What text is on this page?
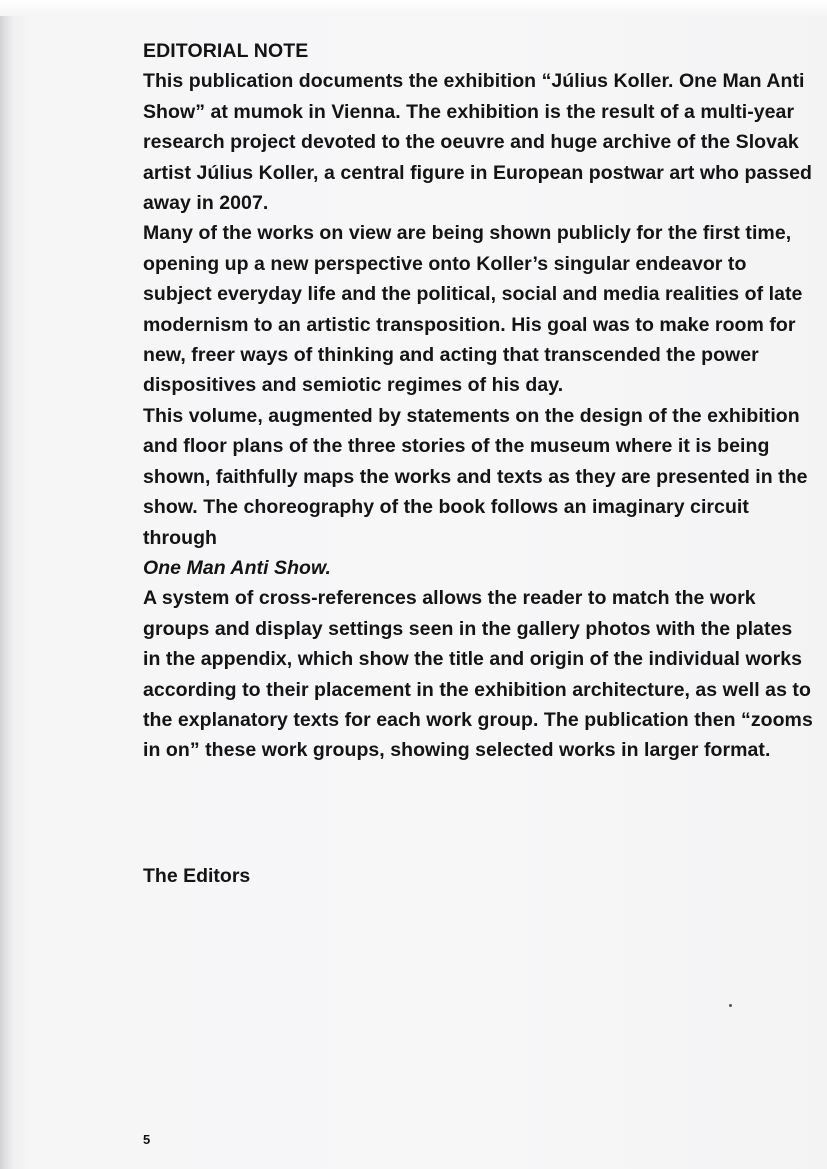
EDITORIAL NOTE

This publication documents the exhibition “Július Koller. One Man Anti Show” at mumok in Vienna. The exhibition is the result of a multi-year research project devoted to the oeuvre and huge archive of the Slovak artist Július Koller, a central figure in European postwar art who passed away in 2007.

Many of the works on view are being shown publicly for the first time, opening up a new perspective onto Koller’s singular endeavor to subject everyday life and the political, social and media realities of late modernism to an artistic transposition. His goal was to make room for new, freer ways of thinking and acting that transcended the power dispositives and semiotic regimes of his day.

This volume, augmented by statements on the design of the exhibition and floor plans of the three stories of the museum where it is being shown, faithfully maps the works and texts as they are presented in the show. The choreography of the book follows an imaginary circuit through
One Man Anti Show.

A system of cross-references allows the reader to match the work groups and display settings seen in the gallery photos with the plates in the appendix, which show the title and origin of the individual works according to their placement in the exhibition architecture, as well as to the explanatory texts for each work group. The publication then “zooms in on” these work groups, showing selected works in larger format.

The Editors

5
